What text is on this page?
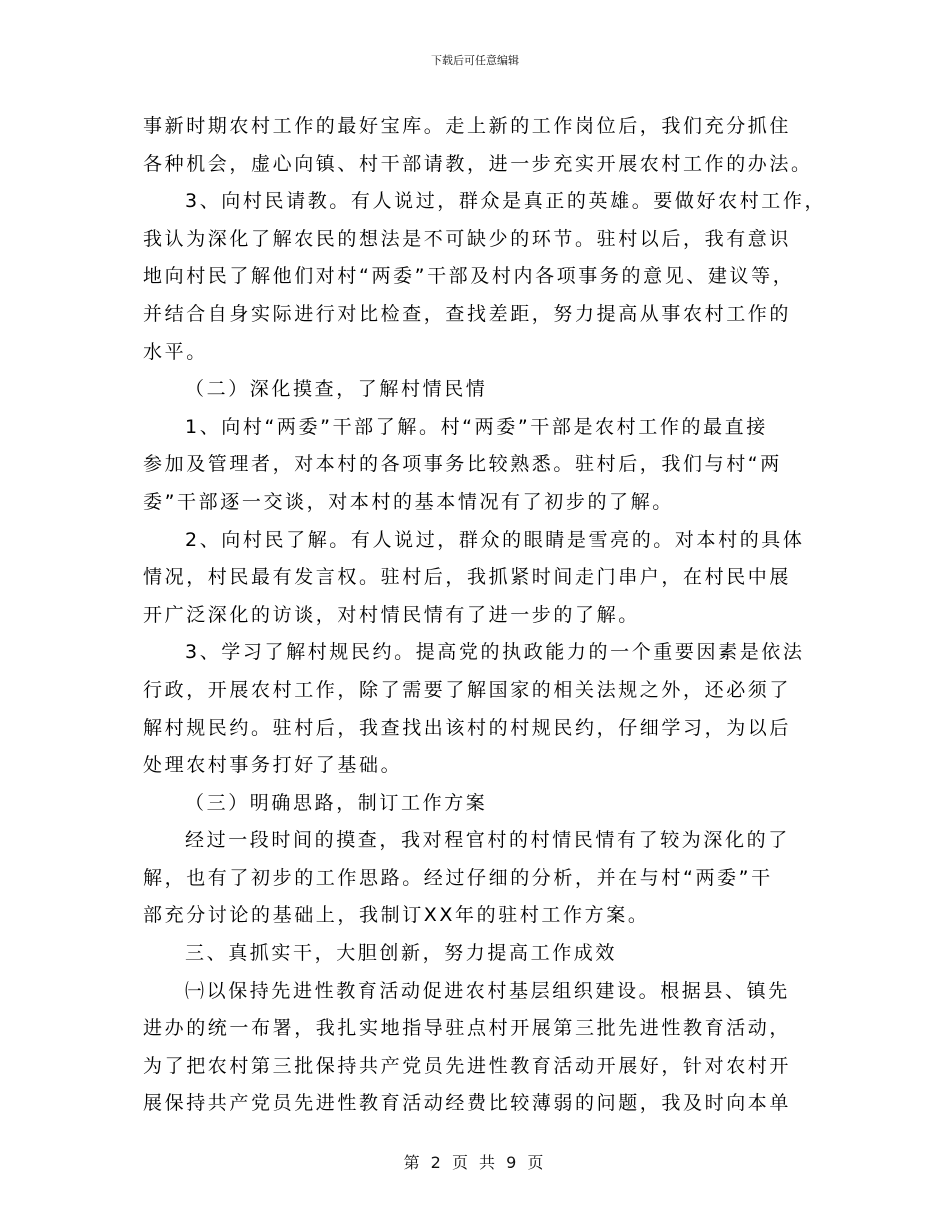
下载后可任意编辑
事新时期农村工作的最好宝库。走上新的工作岗位后，我们充分抓住
各种机会，虚心向镇、村干部请教，进一步充实开展农村工作的办法。
3、向村民请教。有人说过，群众是真正的英雄。要做好农村工作，
我认为深化了解农民的想法是不可缺少的环节。驻村以后，我有意识
地向村民了解他们对村“两委”干部及村内各项事务的意见、建议等，
并结合自身实际进行对比检查，查找差距，努力提高从事农村工作的
水平。
（二）深化摸查，了解村情民情
1、向村“两委”干部了解。村“两委”干部是农村工作的最直接
参加及管理者，对本村的各项事务比较熟悉。驻村后，我们与村“两
委”干部逐一交谈，对本村的基本情况有了初步的了解。
2、向村民了解。有人说过，群众的眼睛是雪亮的。对本村的具体
情况，村民最有发言权。驻村后，我抓紧时间走门串户，在村民中展
开广泛深化的访谈，对村情民情有了进一步的了解。
3、学习了解村规民约。提高党的执政能力的一个重要因素是依法
行政，开展农村工作，除了需要了解国家的相关法规之外，还必须了
解村规民约。驻村后，我查找出该村的村规民约，仔细学习，为以后
处理农村事务打好了基础。
（三）明确思路，制订工作方案
经过一段时间的摸查，我对程官村的村情民情有了较为深化的了
解，也有了初步的工作思路。经过仔细的分析，并在与村“两委”干
部充分讨论的基础上，我制订XX年的驻村工作方案。
三、真抓实干，大胆创新，努力提高工作成效
㈠以保持先进性教育活动促进农村基层组织建设。根据县、镇先
进办的统一布署，我扎实地指导驻点村开展第三批先进性教育活动，
为了把农村第三批保持共产党员先进性教育活动开展好，针对农村开
展保持共产党员先进性教育活动经费比较薄弱的问题，我及时向本单
第 2 页 共 9 页
